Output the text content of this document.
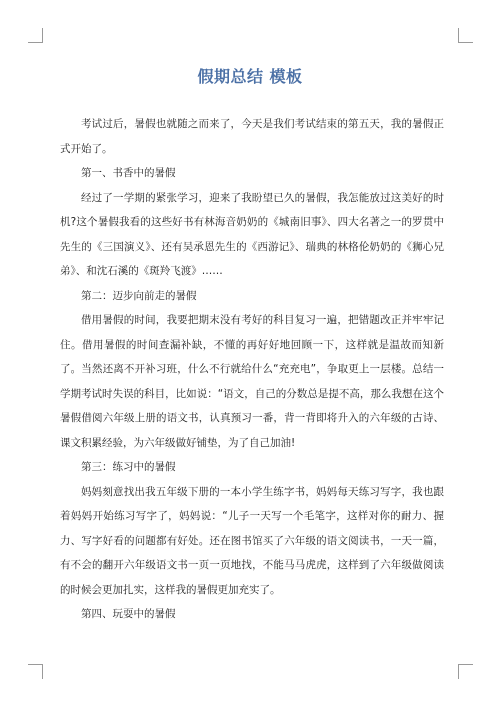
假期总结 模板

考试过后，暑假也就随之而来了，今天是我们考试结束的第五天，我的暑假正式开始了。

第一、书香中的暑假

经过了一学期的紧张学习，迎来了我盼望已久的暑假，我怎能放过这美好的时机?这个暑假我看的这些好书有林海音奶奶的《城南旧事》、四大名著之一的罗贯中先生的《三国演义》、还有吴承恩先生的《西游记》、瑞典的林格伦奶奶的《狮心兄弟》、和沈石溪的《斑羚飞渡》……

第二：迈步向前走的暑假

借用暑假的时间，我要把期末没有考好的科目复习一遍，把错题改正并牢牢记住。借用暑假的时间查漏补缺，不懂的再好好地回顾一下，这样就是温故而知新了。当然还离不开补习班，什么不行就给什么“充充电”，争取更上一层楼。总结一学期考试时失误的科目，比如说：“语文，自己的分数总是提不高，那么我想在这个暑假借阅六年级上册的语文书，认真预习一番，背一背即将升入的六年级的古诗、课文积累经验，为六年级做好铺垫，为了自己加油!

第三：练习中的暑假

妈妈刻意找出我五年级下册的一本小学生练字书，妈妈每天练习写字，我也跟着妈妈开始练习写字了，妈妈说：“儿子一天写一个毛笔字，这样对你的耐力、握力、写字好看的问题都有好处。还在图书馆买了六年级的语文阅读书，一天一篇，有不会的翻开六年级语文书一页一页地找，不能马马虎虎，这样到了六年级做阅读的时候会更加扎实，这样我的暑假更加充实了。

第四、玩耍中的暑假
